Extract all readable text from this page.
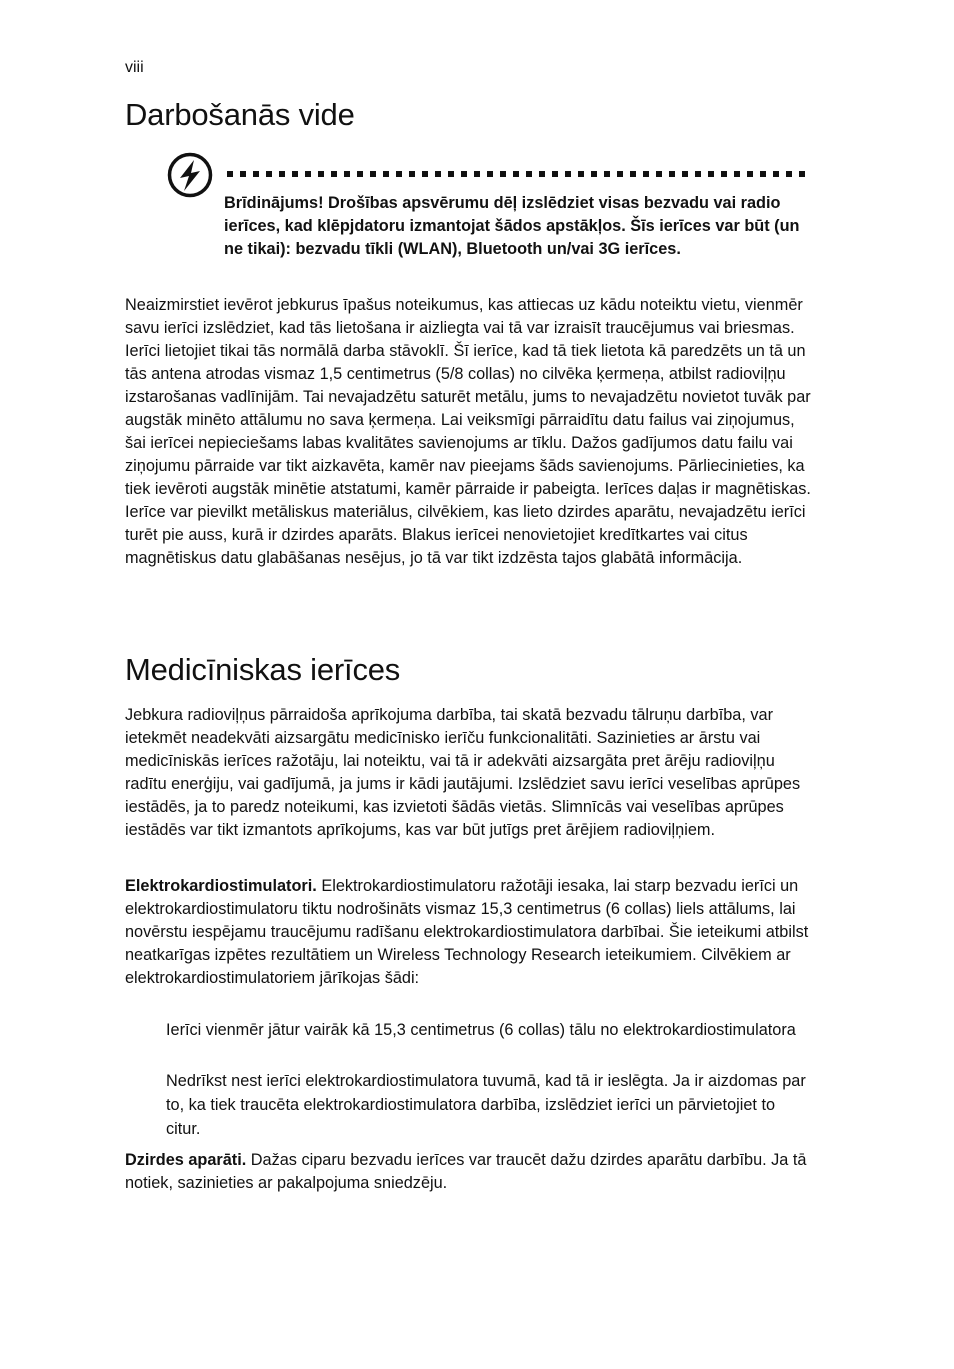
viii
Darbošanās vide

Brīdinājums! Drošības apsvērumu dēļ izslēdziet visas bezvadu vai radio ierīces, kad klēpjdatoru izmantojat šādos apstākļos. Šīs ierīces var būt (un ne tikai): bezvadu tīkli (WLAN), Bluetooth un/vai 3G ierīces.

Neaizmirstiet ievērot jebkurus īpašus noteikumus, kas attiecas uz kādu noteiktu vietu, vienmēr savu ierīci izslēdziet, kad tās lietošana ir aizliegta vai tā var izraisīt traucējumus vai briesmas. Ierīci lietojiet tikai tās normālā darba stāvoklī. Šī ierīce, kad tā tiek lietota kā paredzēts un tā un tās antena atrodas vismaz 1,5 centimetrus (5/8 collas) no cilvēka ķermeņa, atbilst radioviļņu izstarošanas vadlīnijām. Tai nevajadzētu saturēt metālu, jums to nevajadzētu novietot tuvāk par augstāk minēto attālumu no sava ķermeņa. Lai veiksmīgi pārraidītu datu failus vai ziņojumus, šai ierīcei nepieciešams labas kvalitātes savienojums ar tīklu. Dažos gadījumos datu failu vai ziņojumu pārraide var tikt aizkavēta, kamēr nav pieejams šāds savienojums. Pārliecinieties, ka tiek ievēroti augstāk minētie atstatumi, kamēr pārraide ir pabeigta. Ierīces daļas ir magnētiskas. Ierīce var pievilkt metāliskus materiālus, cilvēkiem, kas lieto dzirdes aparātu, nevajadzētu ierīci turēt pie auss, kurā ir dzirdes aparāts. Blakus ierīcei nenovietojiet kredītkartes vai citus magnētiskus datu glabāšanas nesējus, jo tā var tikt izdzēsta tajos glabātā informācija.

Medicīniskas ierīces

Jebkura radioviļņus pārraidoša aprīkojuma darbība, tai skatā bezvadu tālruņu darbība, var ietekmēt neadekvāti aizsargātu medicīnisko ierīču funkcionalitāti. Sazinieties ar ārstu vai medicīniskās ierīces ražotāju, lai noteiktu, vai tā ir adekvāti aizsargāta pret ārēju radioviļņu radītu enerģiju, vai gadījumā, ja jums ir kādi jautājumi. Izslēdziet savu ierīci veselības aprūpes iestādēs, ja to paredz noteikumi, kas izvietoti šādās vietās. Slimnīcās vai veselības aprūpes iestādēs var tikt izmantots aprīkojums, kas var būt jutīgs pret ārējiem radioviļņiem.

Elektrokardiostimulatori. Elektrokardiostimulatoru ražotāji iesaka, lai starp bezvadu ierīci un elektrokardiostimulatoru tiktu nodrošināts vismaz 15,3 centimetrus (6 collas) liels attālums, lai novērstu iespējamu traucējumu radīšanu elektrokardiostimulatora darbībai. Šie ieteikumi atbilst neatkarīgas izpētes rezultātiem un Wireless Technology Research ieteikumiem. Cilvēkiem ar elektrokardiostimulatoriem jārīkojas šādi:

Ierīci vienmēr jātur vairāk kā 15,3 centimetrus (6 collas) tālu no elektrokardiostimulatora

Nedrīkst nest ierīci elektrokardiostimulatora tuvumā, kad tā ir ieslēgta. Ja ir aizdomas par to, ka tiek traucēta elektrokardiostimulatora darbība, izslēdziet ierīci un pārvietojiet to citur.

Dzirdes aparāti. Dažas ciparu bezvadu ierīces var traucēt dažu dzirdes aparātu darbību. Ja tā notiek, sazinieties ar pakalpojuma sniedzēju.
